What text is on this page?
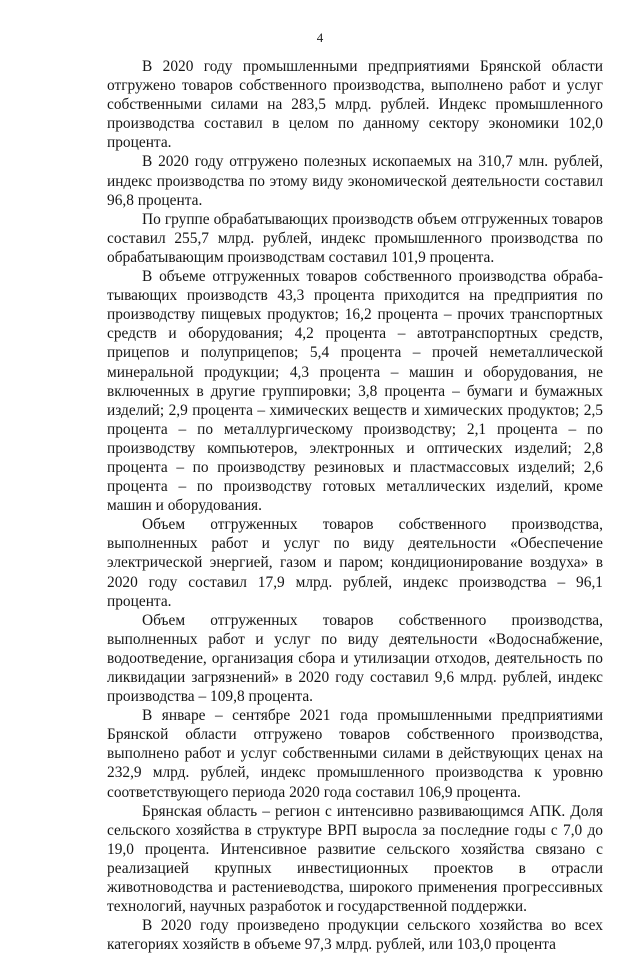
4

В 2020 году промышленными предприятиями Брянской области отгружено товаров собственного производства, выполнено работ и услуг собственными силами на 283,5 млрд. рублей. Индекс промышленного производства составил в целом по данному сектору экономики 102,0 процента.

В 2020 году отгружено полезных ископаемых на 310,7 млн. рублей, индекс производства по этому виду экономической деятельности составил 96,8 процента.

По группе обрабатывающих производств объем отгруженных товаров составил 255,7 млрд. рублей, индекс промышленного производства по обрабатывающим производствам составил 101,9 процента.

В объеме отгруженных товаров собственного производства обрабатывающих производств 43,3 процента приходится на предприятия по производству пищевых продуктов; 16,2 процента – прочих транспортных средств и оборудования; 4,2 процента – автотранспортных средств, прицепов и полуприцепов; 5,4 процента – прочей неметаллической минеральной продукции; 4,3 процента – машин и оборудования, не включенных в другие группировки; 3,8 процента – бумаги и бумажных изделий; 2,9 процента – химических веществ и химических продуктов; 2,5 процента – по металлургическому производству; 2,1 процента – по производству компьютеров, электронных и оптических изделий; 2,8 процента – по производству резиновых и пластмассовых изделий; 2,6 процента – по производству готовых металлических изделий, кроме машин и оборудования.

Объем отгруженных товаров собственного производства, выполненных работ и услуг по виду деятельности «Обеспечение электрической энергией, газом и паром; кондиционирование воздуха» в 2020 году составил 17,9 млрд. рублей, индекс производства – 96,1 процента.

Объем отгруженных товаров собственного производства, выполненных работ и услуг по виду деятельности «Водоснабжение, водоотведение, организация сбора и утилизации отходов, деятельность по ликвидации загрязнений» в 2020 году составил 9,6 млрд. рублей, индекс производства – 109,8 процента.

В январе – сентябре 2021 года промышленными предприятиями Брянской области отгружено товаров собственного производства, выполнено работ и услуг собственными силами в действующих ценах на 232,9 млрд. рублей, индекс промышленного производства к уровню соответствующего периода 2020 года составил 106,9 процента.

Брянская область – регион с интенсивно развивающимся АПК. Доля сельского хозяйства в структуре ВРП выросла за последние годы с 7,0 до 19,0 процента. Интенсивное развитие сельского хозяйства связано с реализацией крупных инвестиционных проектов в отрасли животноводства и растениеводства, широкого применения прогрессивных технологий, научных разработок и государственной поддержки.

В 2020 году произведено продукции сельского хозяйства во всех категориях хозяйств в объеме 97,3 млрд. рублей, или 103,0 процента
